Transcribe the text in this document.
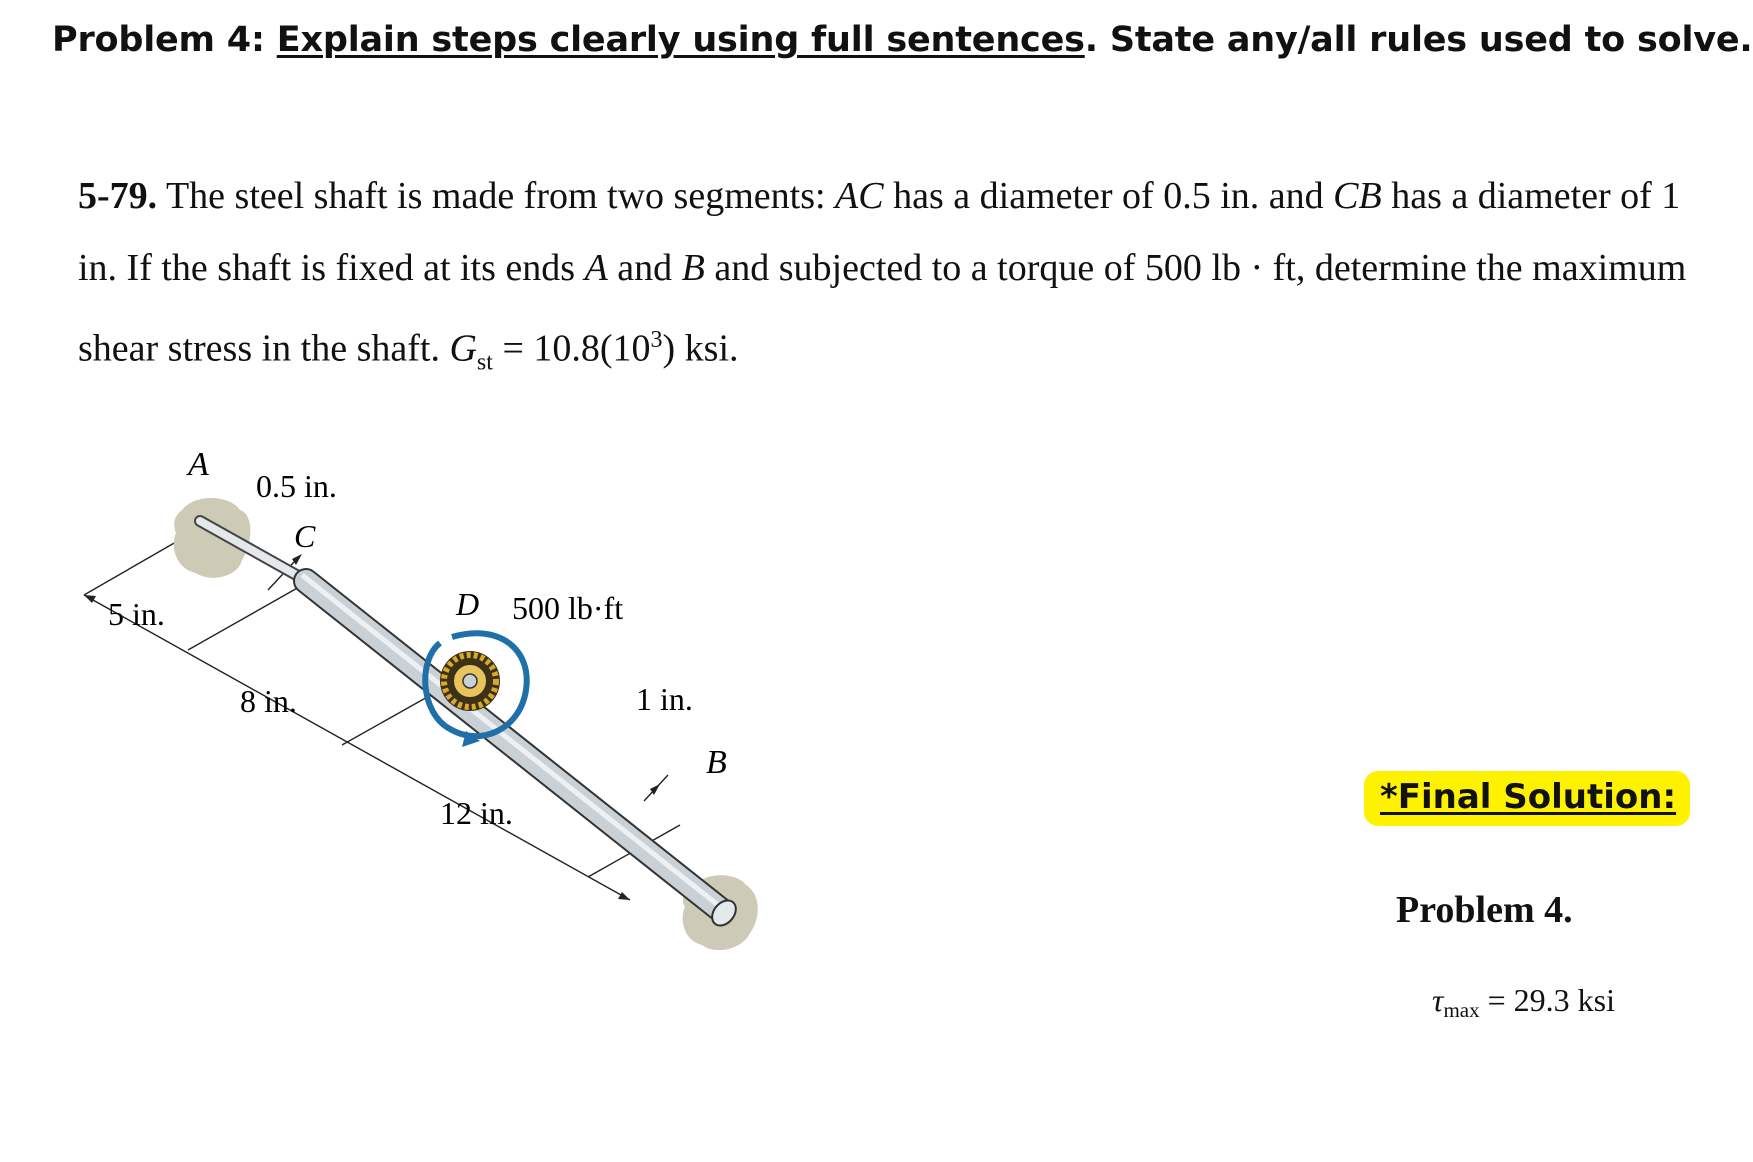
Problem 4: Explain steps clearly using full sentences. State any/all rules used to solve.
5-79. The steel shaft is made from two segments: AC has a diameter of 0.5 in. and CB has a diameter of 1 in. If the shaft is fixed at its ends A and B and subjected to a torque of 500 lb · ft, determine the maximum shear stress in the shaft. $G_{st} = 10.8(10^3)$ ksi.
A
0.5 in.
C
5 in.	D 500 lb·ft
8 in.	1 in.
B
12 in.	*Final Solution:
Problem 4.
$\tau_{max} = 29.3$ ksi
